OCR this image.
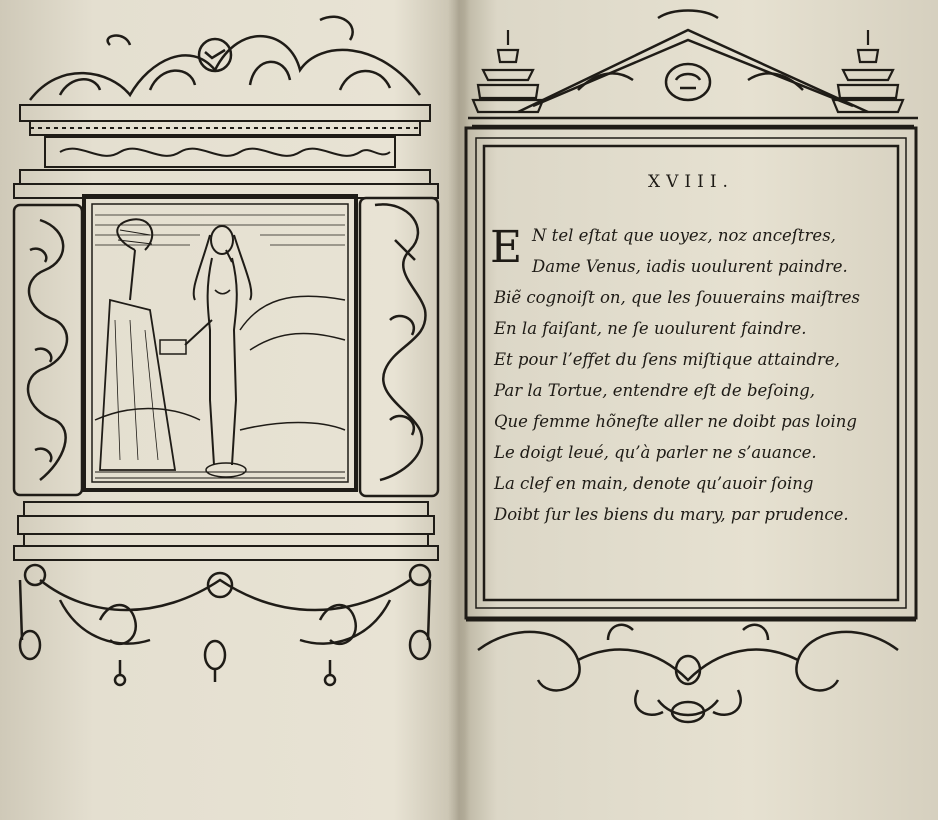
XVIII.
E N tel eſtat que uoyez, noz anceſtres,
Dame Venus, iadis uoulurent paindre.
Biẽ cognoiſt on, que les ſouuerains maiſtres
En la faiſant, ne ſe uoulurent faindre.
Et pour l’effet du ſens miſtique attaindre,
Par la Tortue, entendre eſt de beſoing,
Que femme hõneſte aller ne doibt pas loing
Le doigt leué, qu’à parler ne s’auance.
La clef en main, denote qu’auoir ſoing
Doibt ſur les biens du mary, par prudence.
